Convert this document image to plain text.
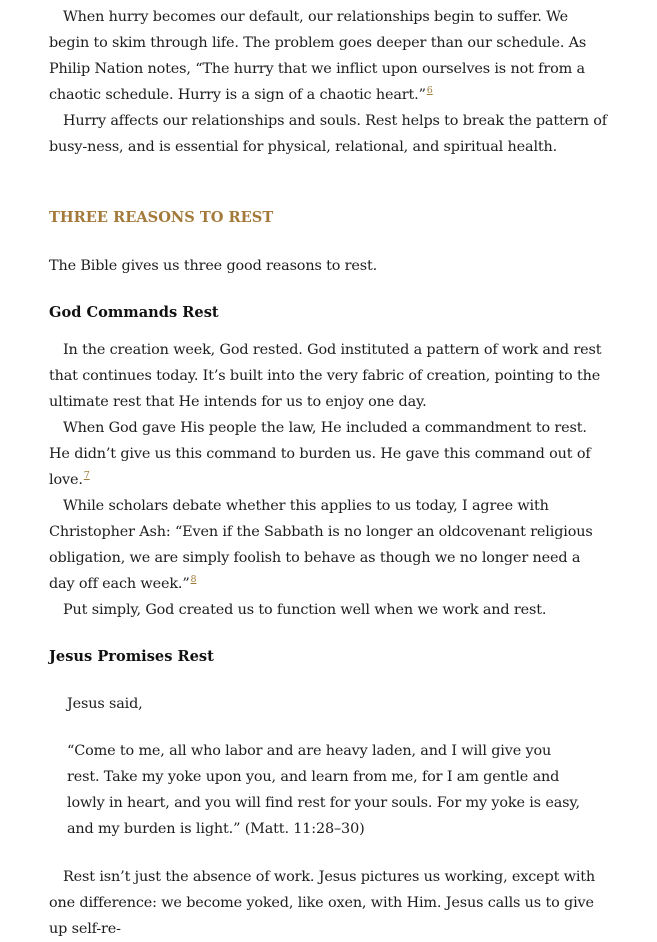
When hurry becomes our default, our relationships begin to suffer. We begin to skim through life. The problem goes deeper than our schedule. As Philip Nation notes, “The hurry that we inflict upon ourselves is not from a chaotic schedule. Hurry is a sign of a chaotic heart.”$^6$

Hurry affects our relationships and souls. Rest helps to break the pattern of busy-ness, and is essential for physical, relational, and spiritual health.

THREE REASONS TO REST

The Bible gives us three good reasons to rest.

God Commands Rest

In the creation week, God rested. God instituted a pattern of work and rest that continues today. It’s built into the very fabric of creation, pointing to the ultimate rest that He intends for us to enjoy one day.

When God gave His people the law, He included a commandment to rest. He didn’t give us this command to burden us. He gave this command out of love.$^7$

While scholars debate whether this applies to us today, I agree with Christopher Ash: “Even if the Sabbath is no longer an oldcovenant religious obligation, we are simply foolish to behave as though we no longer need a day off each week.”$^8$

Put simply, God created us to function well when we work and rest.

Jesus Promises Rest

Jesus said,

“Come to me, all who labor and are heavy laden, and I will give you rest. Take my yoke upon you, and learn from me, for I am gentle and lowly in heart, and you will find rest for your souls. For my yoke is easy, and my burden is light.” (Matt. 11:28–30)

Rest isn’t just the absence of work. Jesus pictures us working, except with one difference: we become yoked, like oxen, with Him. Jesus calls us to give up self-re-
